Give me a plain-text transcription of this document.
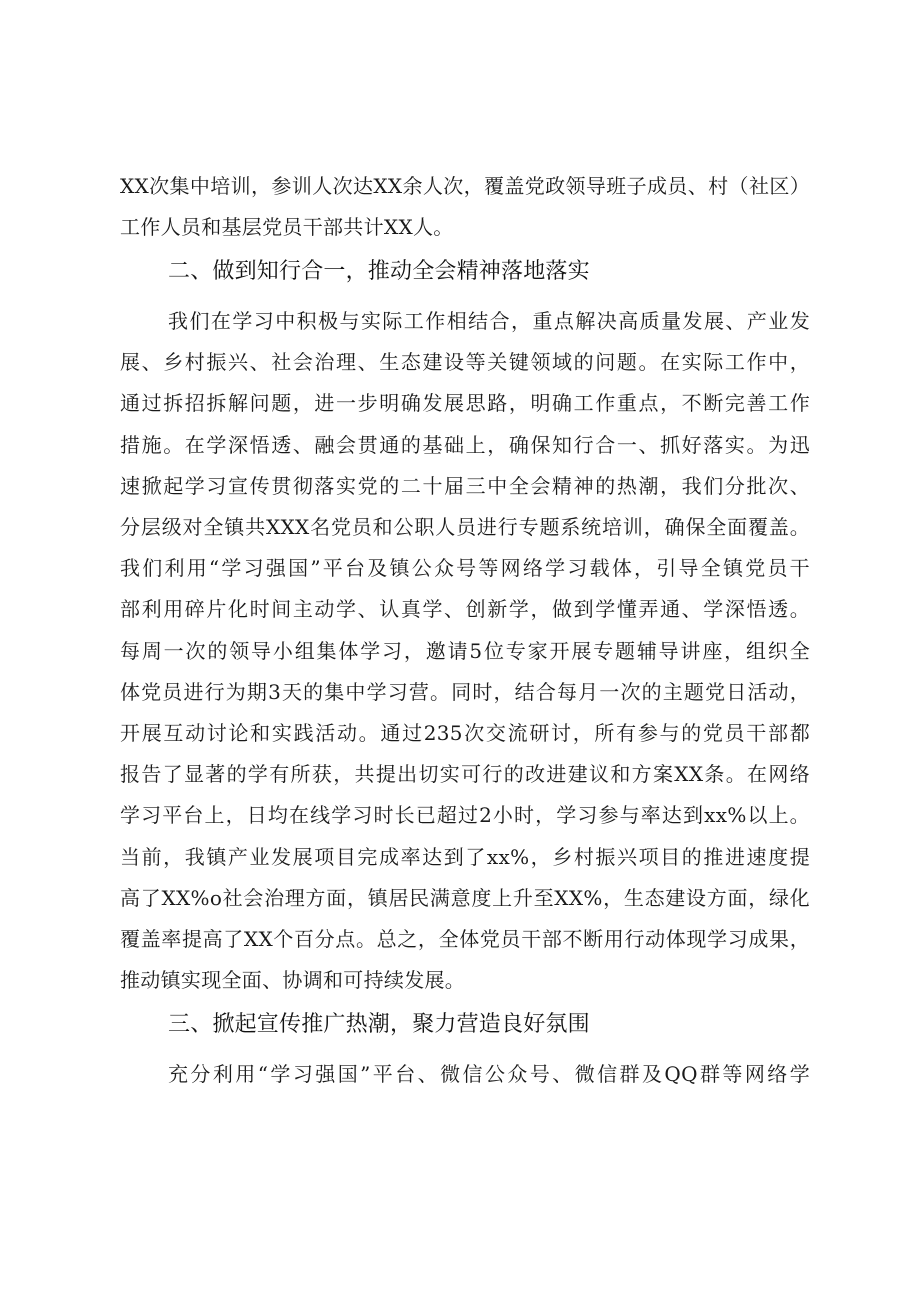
XX次集中培训，参训人次达XX余人次，覆盖党政领导班子成员、村（社区）
工作人员和基层党员干部共计XX人。
二、做到知行合一，推动全会精神落地落实
我们在学习中积极与实际工作相结合，重点解决高质量发展、产业发
展、乡村振兴、社会治理、生态建设等关键领域的问题。在实际工作中，
通过拆招拆解问题，进一步明确发展思路，明确工作重点，不断完善工作
措施。在学深悟透、融会贯通的基础上，确保知行合一、抓好落实。为迅
速掀起学习宣传贯彻落实党的二十届三中全会精神的热潮，我们分批次、
分层级对全镇共XXX名党员和公职人员进行专题系统培训，确保全面覆盖。
我们利用“学习强国”平台及镇公众号等网络学习载体，引导全镇党员干
部利用碎片化时间主动学、认真学、创新学，做到学懂弄通、学深悟透。
每周一次的领导小组集体学习，邀请5位专家开展专题辅导讲座，组织全
体党员进行为期3天的集中学习营。同时，结合每月一次的主题党日活动，
开展互动讨论和实践活动。通过235次交流研讨，所有参与的党员干部都
报告了显著的学有所获，共提出切实可行的改进建议和方案XX条。在网络
学习平台上，日均在线学习时长已超过2小时，学习参与率达到xx%以上。
当前，我镇产业发展项目完成率达到了xx%，乡村振兴项目的推进速度提
高了XX%o社会治理方面，镇居民满意度上升至XX%，生态建设方面，绿化
覆盖率提高了XX个百分点。总之，全体党员干部不断用行动体现学习成果，
推动镇实现全面、协调和可持续发展。
三、掀起宣传推广热潮，聚力营造良好氛围
充分利用“学习强国”平台、微信公众号、微信群及QQ群等网络学
